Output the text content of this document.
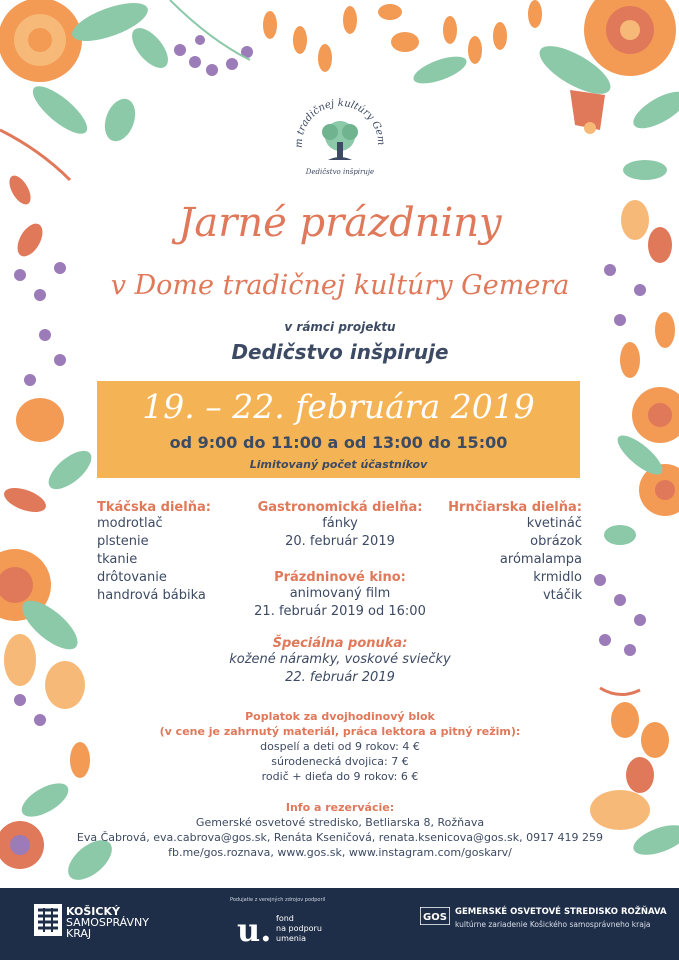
m tradičnej kultúry Gem
Dedičstvo inšpiruje
Jarné prázdniny
v Dome tradičnej kultúry Gemera
v rámci projektu
Dedičstvo inšpiruje
19. – 22. februára 2019
od 9:00 do 11:00 a od 13:00 do 15:00
Limitovaný počet účastníkov
Tkáčska dielňa:
modrotlač
plstenie
tkanie
drôtovanie
handrová bábika
Gastronomická dielňa:
fánky
20. február 2019
Hrnčiarska dielňa:
kvetináč
obrázok
arómalampa
krmidlo
vtáčik
Prázdninové kino:
animovaný film
21. február 2019 od 16:00
Špeciálna ponuka:
kožené náramky, voskové sviečky
22. február 2019
Poplatok za dvojhodinový blok
(v cene je zahrnutý materiál, práca lektora a pitný režim):
dospelí a deti od 9 rokov: 4 €
súrodenecká dvojica: 7 €
rodič + dieťa do 9 rokov: 6 €
Info a rezervácie:
Gemerské osvetové stredisko, Betliarska 8, Rožňava
Eva Čabrová, eva.cabrova@gos.sk, Renáta Kseničová, renata.ksenicova@gos.sk, 0917 419 259
fb.me/gos.roznava, www.gos.sk, www.instagram.com/goskarv/
KOŠICKÝ
SAMOSPRÁVNY
KRAJ
Podujatie z verejných zdrojov podporil
u. fond
na podporu
umenia
GOS GEMERSKÉ OSVETOVÉ STREDISKO ROŽŇAVA
kultúrne zariadenie Košického samosprávneho kraja
